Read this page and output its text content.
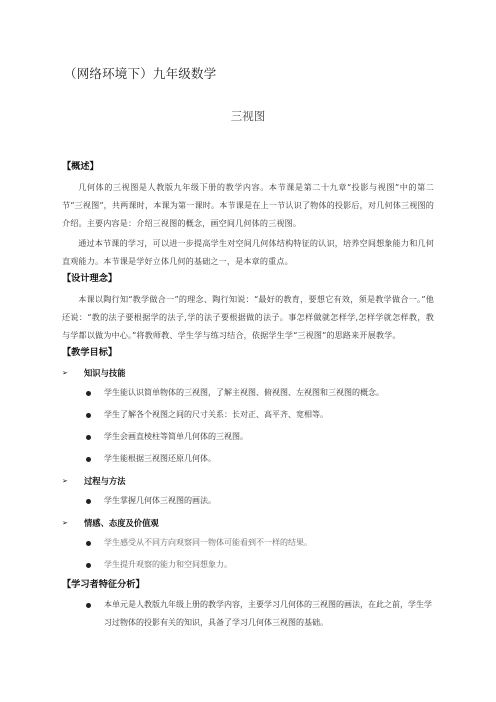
（网络环境下）九年级数学
三视图
【概述】

几何体的三视图是人教版九年级下册的教学内容。本节课是第二十九章“投影与视图”中的第二节“三视图”，共两课时，本课为第一课时。本节课是在上一节认识了物体的投影后，对几何体三视图的介绍。主要内容是：介绍三视图的概念，画空间几何体的三视图。

通过本节课的学习，可以进一步提高学生对空间几何体结构特征的认识，培养空间想象能力和几何直观能力。本节课是学好立体几何的基础之一，是本章的重点。

【设计理念】

本课以陶行知“教学做合一”的理念、陶行知说：“最好的教育，要想它有效，须是教学做合一。”他还说：“教的法子要根据学的法子,学的法子要根据做的法子。事怎样做就怎样学,怎样学就怎样教，教与学都以做为中心。”将教师教、学生学与练习结合，依据学生学“三视图”的思路来开展教学。

【教学目标】
➢	知识与技能
学生能认识简单物体的三视图，了解主视图、俯视图、左视图和三视图的概念。
学生了解各个视图之间的尺寸关系：长对正、高平齐、宽相等。
学生会画直棱柱等简单几何体的三视图。
学生能根据三视图还原几何体。
➢	过程与方法
学生掌握几何体三视图的画法。
➢	情感、态度及价值观
学生感受从不同方向观察同一物体可能看到不一样的结果。
学生提升观察的能力和空间想象力。
【学习者特征分析】
本单元是人教版九年级上册的教学内容，主要学习几何体的三视图的画法，在此之前，学生学习过物体的投影有关的知识，具备了学习几何体三视图的基础。
